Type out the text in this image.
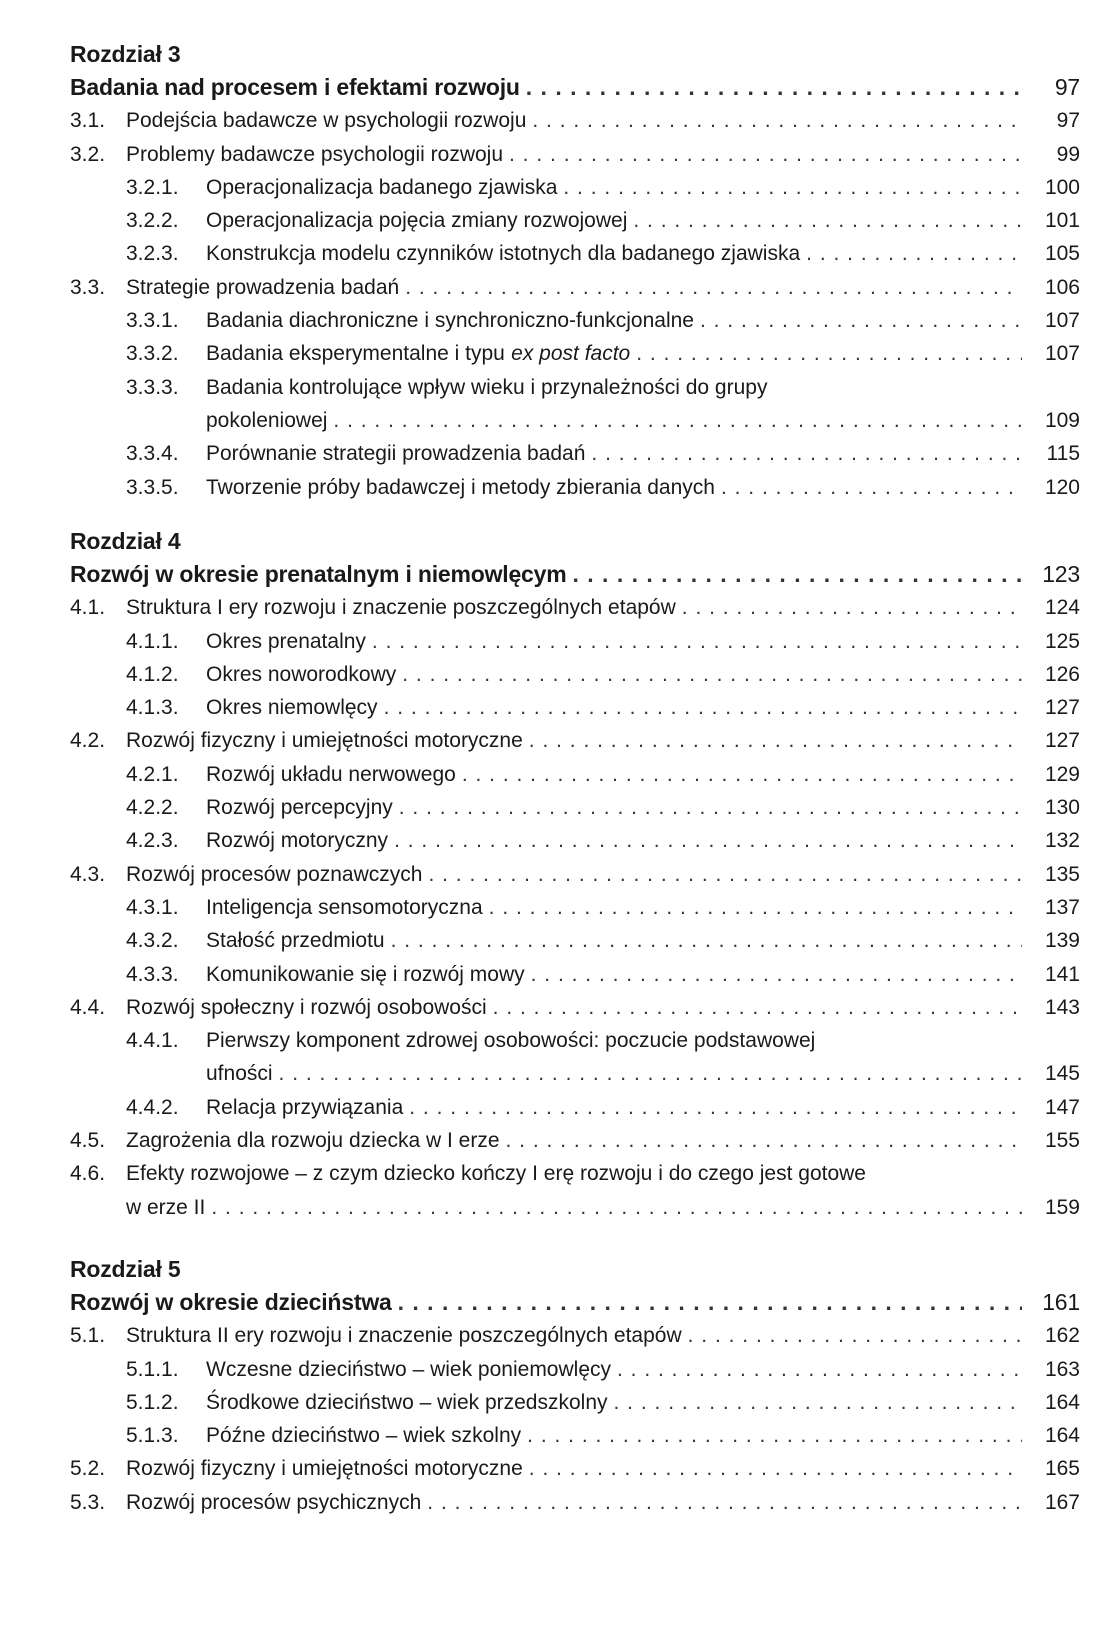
Rozdział 3
Badania nad procesem i efektami rozwoju . . .	97
3.1. Podejścia badawcze w psychologii rozwoju . . .	97
3.2. Problemy badawcze psychologii rozwoju . . .	99
3.2.1.	Operacjonalizacja badanego zjawiska . . .	100
3.2.2.	Operacjonalizacja pojęcia zmiany rozwojowej . . .	101
3.2.3.	Konstrukcja modelu czynników istotnych dla badanego zjawiska . . .	105
3.3. Strategie prowadzenia badań . . .	106
3.3.1.	Badania diachroniczne i synchroniczno-funkcjonalne . . .	107
3.3.2.	Badania eksperymentalne i typu ex post facto . . .	107
3.3.3.	Badania kontrolujące wpływ wieku i przynależności do grupy
pokoleniowej . . .	109
3.3.4.	Porównanie strategii prowadzenia badań . . .	115
3.3.5.	Tworzenie próby badawczej i metody zbierania danych . . .	120
Rozdział 4
Rozwój w okresie prenatalnym i niemowlęcym . . .	123
4.1. Struktura I ery rozwoju i znaczenie poszczególnych etapów . . .	124
4.1.1.	Okres prenatalny . . .	125
4.1.2.	Okres noworodkowy . . .	126
4.1.3.	Okres niemowlęcy . . .	127
4.2. Rozwój fizyczny i umiejętności motoryczne . . .	127
4.2.1.	Rozwój układu nerwowego . . .	129
4.2.2.	Rozwój percepcyjny . . .	130
4.2.3.	Rozwój motoryczny . . .	132
4.3. Rozwój procesów poznawczych . . .	135
4.3.1.	Inteligencja sensomotoryczna . . .	137
4.3.2.	Stałość przedmiotu . . .	139
4.3.3.	Komunikowanie się i rozwój mowy . . .	141
4.4. Rozwój społeczny i rozwój osobowości . . .	143
4.4.1.	Pierwszy komponent zdrowej osobowości: poczucie podstawowej
ufności . . .	145
4.4.2.	Relacja przywiązania . . .	147
4.5. Zagrożenia dla rozwoju dziecka w I erze . . .	155
4.6. Efekty rozwojowe – z czym dziecko kończy I erę rozwoju i do czego jest gotowe
w erze II . . .	159
Rozdział 5
Rozwój w okresie dzieciństwa . . .	161
5.1. Struktura II ery rozwoju i znaczenie poszczególnych etapów . . .	162
5.1.1.	Wczesne dzieciństwo – wiek poniemowlęcy . . .	163
5.1.2.	Środkowe dzieciństwo – wiek przedszkolny . . .	164
5.1.3.	Późne dzieciństwo – wiek szkolny . . .	164
5.2. Rozwój fizyczny i umiejętności motoryczne . . .	165
5.3. Rozwój procesów psychicznych . . .	167
